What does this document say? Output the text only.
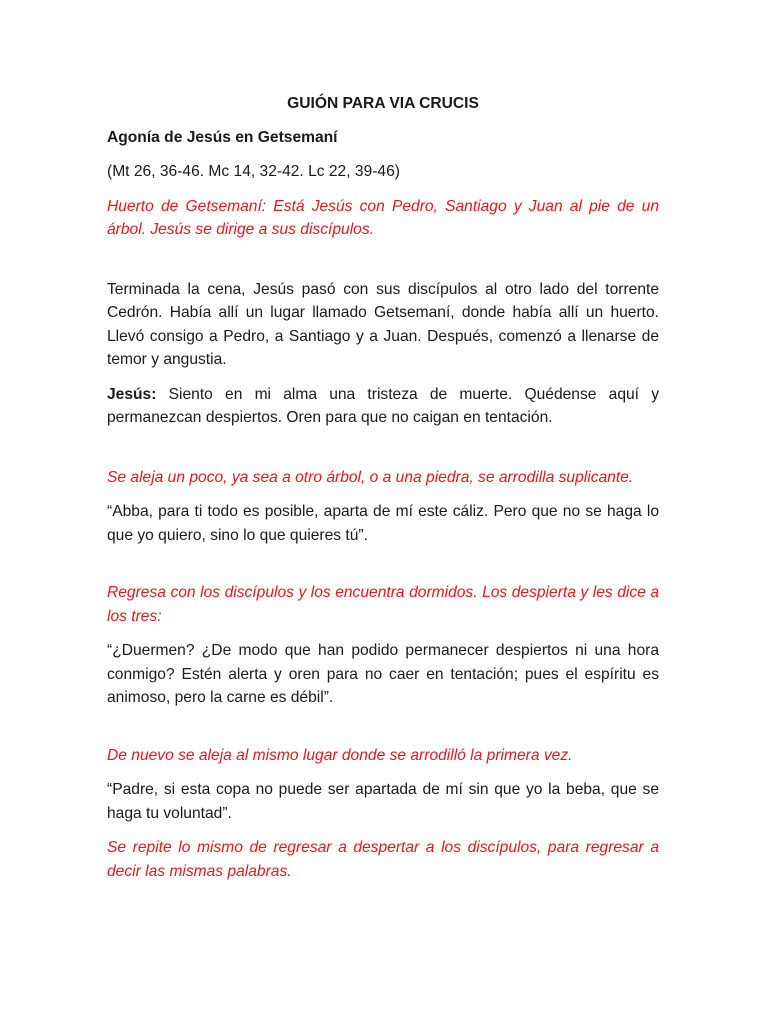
GUIÓN PARA VIA CRUCIS
Agonía de Jesús en Getsemaní

(Mt 26, 36-46. Mc 14, 32-42. Lc 22, 39-46)

Huerto de Getsemaní: Está Jesús con Pedro, Santiago y Juan al pie de un árbol. Jesús se dirige a sus discípulos.

Terminada la cena, Jesús pasó con sus discípulos al otro lado del torrente Cedrón. Había allí un lugar llamado Getsemaní, donde había allí un huerto. Llevó consigo a Pedro, a Santiago y a Juan. Después, comenzó a llenarse de temor y angustia.

Jesús: Siento en mi alma una tristeza de muerte. Quédense aquí y permanezcan despiertos. Oren para que no caigan en tentación.

Se aleja un poco, ya sea a otro árbol, o a una piedra, se arrodilla suplicante.

“Abba, para ti todo es posible, aparta de mí este cáliz. Pero que no se haga lo que yo quiero, sino lo que quieres tú”.

Regresa con los discípulos y los encuentra dormidos. Los despierta y les dice a los tres:

“¿Duermen? ¿De modo que han podido permanecer despiertos ni una hora conmigo? Estén alerta y oren para no caer en tentación; pues el espíritu es animoso, pero la carne es débil”.

De nuevo se aleja al mismo lugar donde se arrodilló la primera vez.

“Padre, si esta copa no puede ser apartada de mí sin que yo la beba, que se haga tu voluntad”.

Se repite lo mismo de regresar a despertar a los discípulos, para regresar a decir las mismas palabras.
